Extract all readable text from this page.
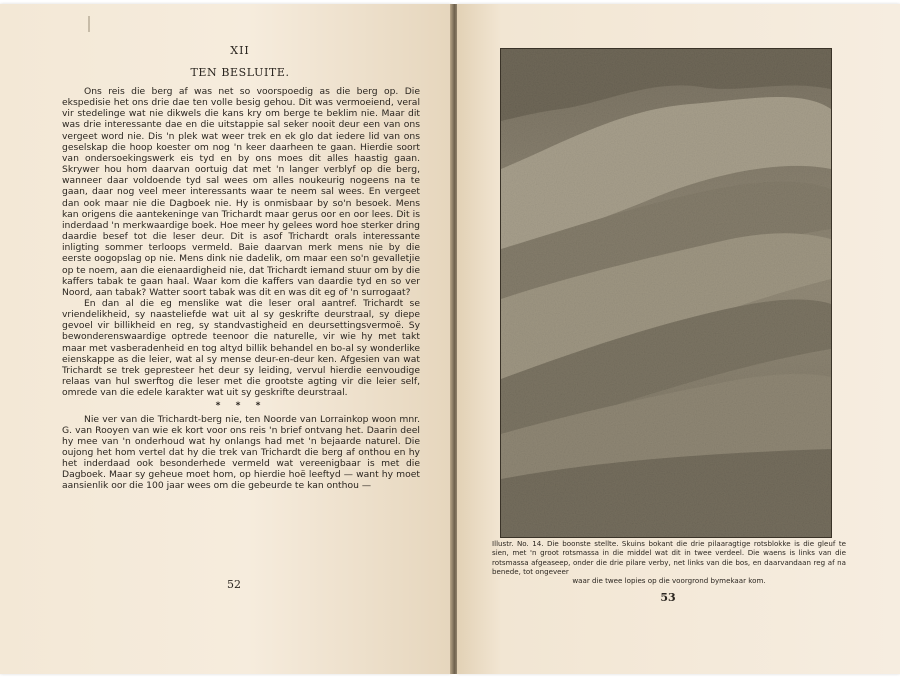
XII
TEN BESLUITE.

Ons reis die berg af was net so voorspoedig as die berg op. Die ekspedisie het ons drie dae ten volle besig gehou. Dit was vermoeiend, veral vir stedelinge wat nie dikwels die kans kry om berge te beklim nie. Maar dit was drie interessante dae en die uitstappie sal seker nooit deur een van ons vergeet word nie. Dis 'n plek wat weer trek en ek glo dat iedere lid van ons geselskap die hoop koester om nog 'n keer daarheen te gaan. Hierdie soort van ondersoekingswerk eis tyd en by ons moes dit alles haastig gaan. Skrywer hou hom daarvan oortuig dat met 'n langer verblyf op die berg, wanneer daar voldoende tyd sal wees om alles noukeurig nogeens na te gaan, daar nog veel meer interessants waar te neem sal wees. En vergeet dan ook maar nie die Dagboek nie. Hy is onmisbaar by so'n besoek. Mens kan origens die aantekeninge van Trichardt maar gerus oor en oor lees. Dit is inderdaad 'n merkwaardige boek. Hoe meer hy gelees word hoe sterker dring daardie besef tot die leser deur. Dit is asof Trichardt orals interessante inligting sommer terloops vermeld. Baie daarvan merk mens nie by die eerste oogopslag op nie. Mens dink nie dadelik, om maar een so'n gevalletjie op te noem, aan die eienaardigheid nie, dat Trichardt iemand stuur om by die kaffers tabak te gaan haal. Waar kom die kaffers van daardie tyd en so ver Noord, aan tabak? Watter soort tabak was dit en was dit eg of 'n surrogaat?

En dan al die eg menslike wat die leser oral aantref. Trichardt se vriendelikheid, sy naasteliefde wat uit al sy geskrifte deurstraal, sy diepe gevoel vir billikheid en reg, sy standvastigheid en deursettingsvermoë. Sy bewonderenswaardige optrede teenoor die naturelle, vir wie hy met takt maar met vasberadenheid en tog altyd billik behandel en bo-al sy wonderlike eienskappe as die leier, wat al sy mense deur-en-deur ken. Afgesien van wat Trichardt se trek gepresteer het deur sy leiding, vervul hierdie eenvoudige relaas van hul swerftog die leser met die grootste agting vir die leier self, omrede van die edele karakter wat uit sy geskrifte deurstraal.

* * *

Nie ver van die Trichardt-berg nie, ten Noorde van Lorrainkop woon mnr. G. van Rooyen van wie ek kort voor ons reis 'n brief ontvang het. Daarin deel hy mee van 'n onderhoud wat hy onlangs had met 'n bejaarde naturel. Die oujong het hom vertel dat hy die trek van Trichardt die berg af onthou en hy het inderdaad ook besonderhede vermeld wat vereenigbaar is met die Dagboek. Maar sy geheue moet hom, op hierdie hoë leeftyd — want hy moet aansienlik oor die 100 jaar wees om die gebeurde te kan onthou —

52

Illustr. No. 14. Die boonste stellte. Skuins bokant die drie pilaaragtige rotsblokke is die gleuf te sien, met 'n groot rotsmassa in die middel wat dit in twee verdeel. Die waens is links van die rotsmassa afgeaseep, onder die drie pilare verby, net links van die bos, en daarvandaan reg af na benede, tot ongeveer

waar die twee lopies op die voorgrond bymekaar kom.

53
